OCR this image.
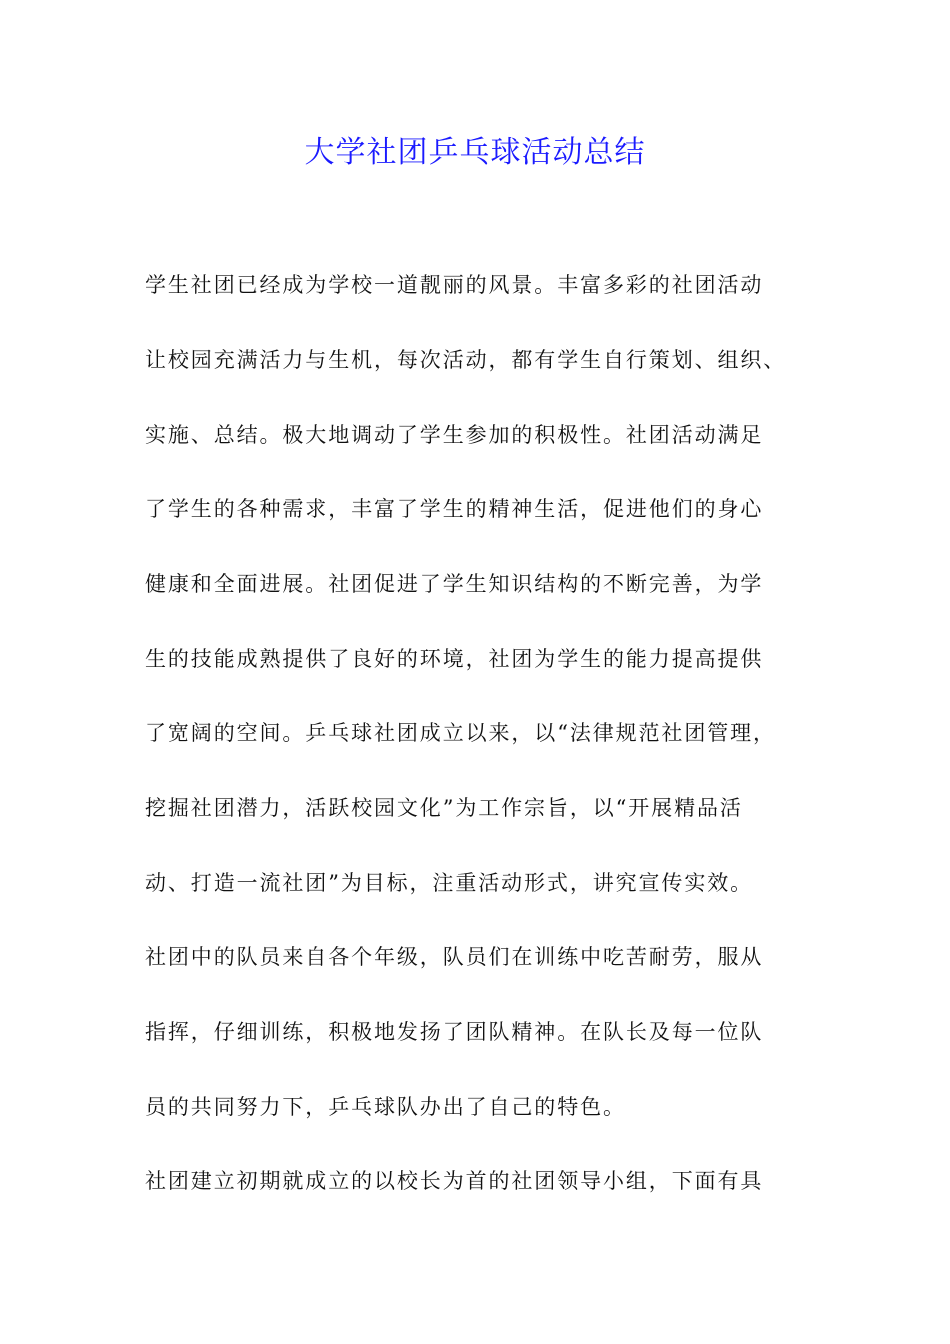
大学社团乒乓球活动总结
学生社团已经成为学校一道靓丽的风景。丰富多彩的社团活动
让校园充满活力与生机，每次活动，都有学生自行策划、组织、
实施、总结。极大地调动了学生参加的积极性。社团活动满足
了学生的各种需求，丰富了学生的精神生活，促进他们的身心
健康和全面进展。社团促进了学生知识结构的不断完善，为学
生的技能成熟提供了良好的环境，社团为学生的能力提高提供
了宽阔的空间。乒乓球社团成立以来，以“法律规范社团管理，
挖掘社团潜力，活跃校园文化”为工作宗旨，以“开展精品活
动、打造一流社团”为目标，注重活动形式，讲究宣传实效。
社团中的队员来自各个年级，队员们在训练中吃苦耐劳，服从
指挥，仔细训练，积极地发扬了团队精神。在队长及每一位队
员的共同努力下，乒乓球队办出了自己的特色。
社团建立初期就成立的以校长为首的社团领导小组，下面有具
